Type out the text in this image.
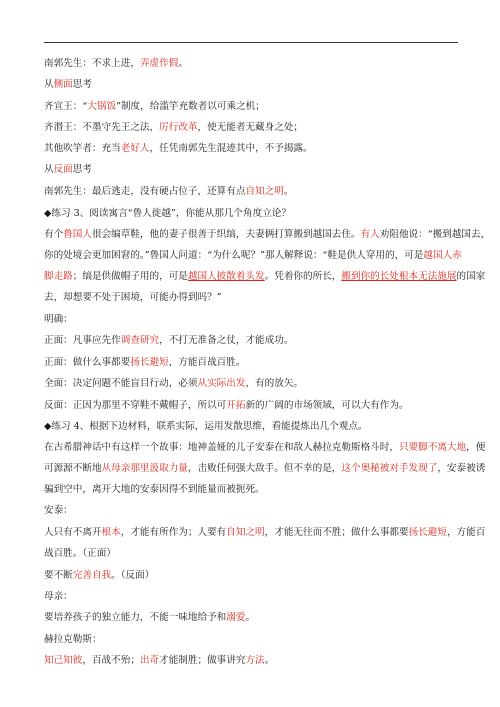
南郭先生：不求上进，弄虚作假。
从侧面思考
齐宣王：“大锅饭”制度，给滥竽充数者以可乘之机；
齐湣王：不墨守先王之法，厉行改革，使无能者无藏身之处；
其他吹竽者：充当老好人，任凭南郭先生混迹其中，不予揭露。
从反面思考
南郭先生：最后逃走，没有硬占位子，还算有点自知之明。
◆练习 3、阅读寓言“鲁人徙越”，你能从那几个角度立论？
有个鲁国人很会编草鞋，他的妻子很善于织缟，夫妻俩打算搬到越国去住。有人劝阻他说：“搬到越国去，
你的处境会更加困窘的。”鲁国人问道：“为什么呢？”那人解释说：“鞋是供人穿用的，可是越国人赤
脚走路；缟是供做帽子用的，可是越国人披散着头发。凭着你的所长，搬到你的长处根本无法施展的国家
去，却想要不处于困境，可能办得到吗？”
明确：
正面：凡事应先作调查研究，不打无准备之仗，才能成功。
正面：做什么事都要扬长避短，方能百战百胜。
全面：决定问题不能盲目行动，必须从实际出发，有的放矢。
反面：正因为那里不穿鞋不戴帽子，所以可开拓新的广阔的市场领域，可以大有作为。
◆练习 4、根据下边材料，联系实际，运用发散思维，看能提炼出几个观点。
在古希腊神话中有这样一个故事：地神盖娅的儿子安泰在和敌人赫拉克勒斯格斗时，只要脚不离大地，便
可源源不断地从母亲那里汲取力量，击败任何强大敌手。但不幸的是，这个奥秘被对手发现了，安泰被诱
骗到空中，离开大地的安泰因得不到能量而被扼死。
安泰：
人只有不离开根本，才能有所作为；人要有自知之明，才能无往而不胜；做什么事都要扬长避短，方能百
战百胜。（正面）
要不断完善自我。（反面）
母亲：
要培养孩子的独立能力，不能一味地给予和溺爱。
赫拉克勒斯：
知己知彼，百战不殆；出奇才能制胜；做事讲究方法。
